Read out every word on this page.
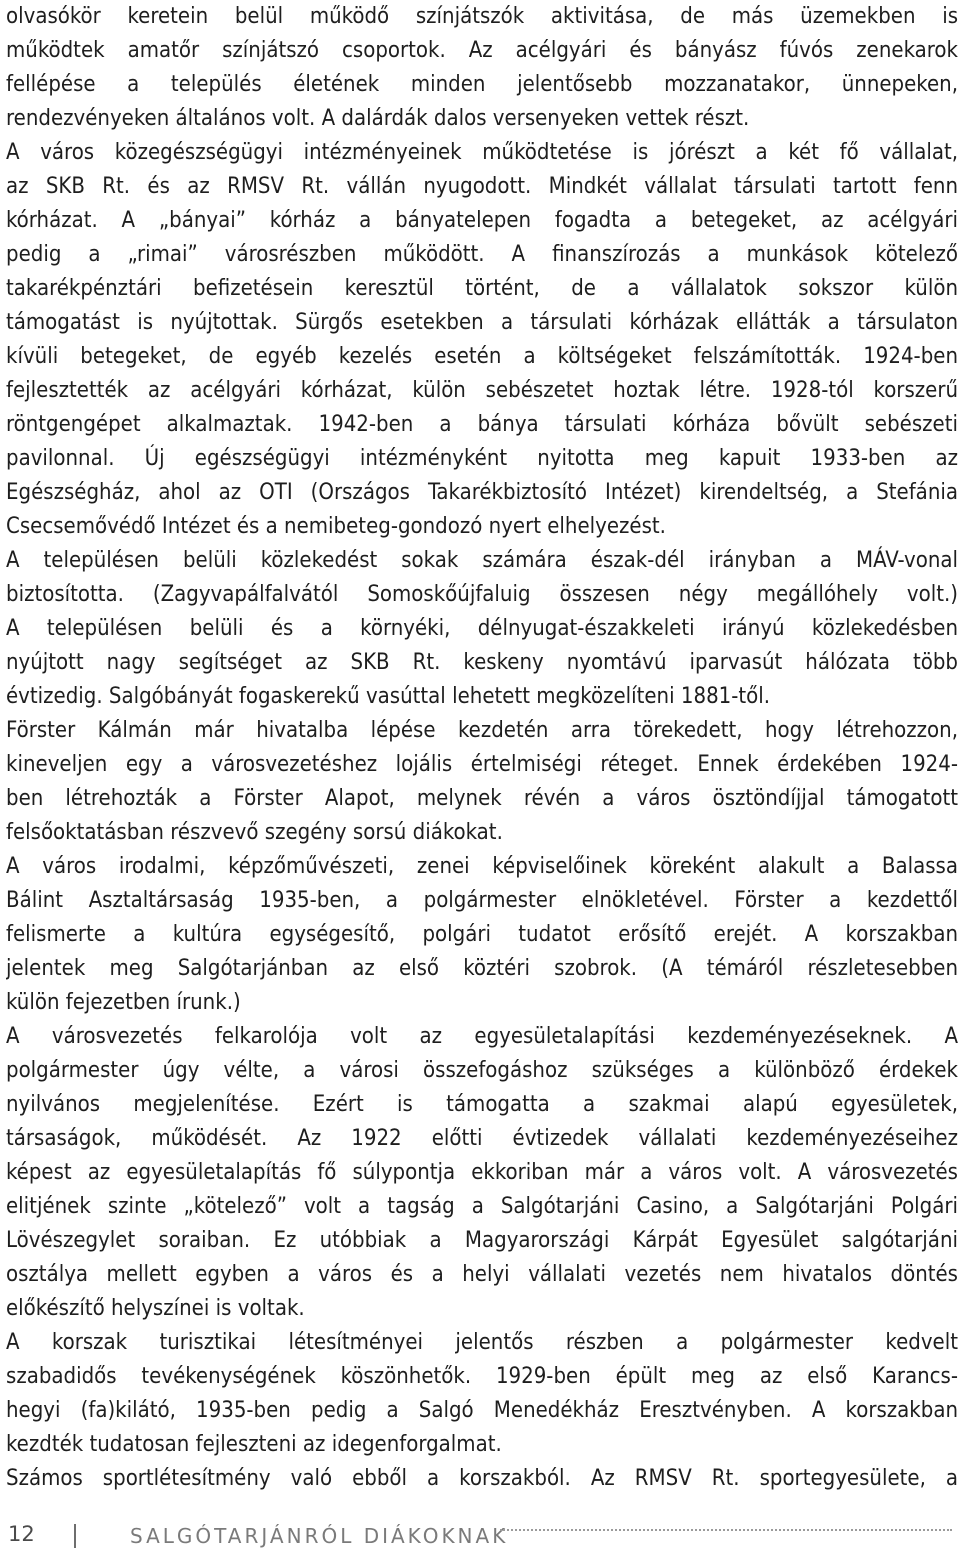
olvasókör keretein belül működő színjátszók aktivitása, de más üzemekben is
működtek amatőr színjátszó csoportok. Az acélgyári és bányász fúvós zenekarok
fellépése a település életének minden jelentősebb mozzanatakor, ünnepeken,
rendezvényeken általános volt. A dalárdák dalos versenyeken vettek részt.
A város közegészségügyi intézményeinek működtetése is jórészt a két fő vállalat,
az SKB Rt. és az RMSV Rt. vállán nyugodott. Mindkét vállalat társulati tartott fenn
kórházat. A „bányai” kórház a bányatelepen fogadta a betegeket, az acélgyári
pedig a „rimai” városrészben működött. A finanszírozás a munkások kötelező
takarékpénztári befizetésein keresztül történt, de a vállalatok sokszor külön
támogatást is nyújtottak. Sürgős esetekben a társulati kórházak ellátták a társulaton
kívüli betegeket, de egyéb kezelés esetén a költségeket felszámították. 1924-ben
fejlesztették az acélgyári kórházat, külön sebészetet hoztak létre. 1928-tól korszerű
röntgengépet alkalmaztak. 1942-ben a bánya társulati kórháza bővült sebészeti
pavilonnal. Új egészségügyi intézményként nyitotta meg kapuit 1933-ben az
Egészségház, ahol az OTI (Országos Takarékbiztosító Intézet) kirendeltség, a Stefánia
Csecsemővédő Intézet és a nemibeteg-gondozó nyert elhelyezést.
A településen belüli közlekedést sokak számára észak-dél irányban a MÁV-vonal
biztosította. (Zagyvapálfalvától Somoskőújfaluig összesen négy megállóhely volt.)
A településen belüli és a környéki, délnyugat-északkeleti irányú közlekedésben
nyújtott nagy segítséget az SKB Rt. keskeny nyomtávú iparvasút hálózata több
évtizedig. Salgóbányát fogaskerekű vasúttal lehetett megközelíteni 1881-től.
Förster Kálmán már hivatalba lépése kezdetén arra törekedett, hogy létrehozzon,
kineveljen egy a városvezetéshez lojális értelmiségi réteget. Ennek érdekében 1924-
ben létrehozták a Förster Alapot, melynek révén a város ösztöndíjjal támogatott
felsőoktatásban részvevő szegény sorsú diákokat.
A város irodalmi, képzőművészeti, zenei képviselőinek köreként alakult a Balassa
Bálint Asztaltársaság 1935-ben, a polgármester elnökletével. Förster a kezdettől
felismerte a kultúra egységesítő, polgári tudatot erősítő erejét. A korszakban
jelentek meg Salgótarjánban az első köztéri szobrok. (A témáról részletesebben
külön fejezetben írunk.)
A városvezetés felkarolója volt az egyesületalapítási kezdeményezéseknek. A
polgármester úgy vélte, a városi összefogáshoz szükséges a különböző érdekek
nyilvános megjelenítése. Ezért is támogatta a szakmai alapú egyesületek,
társaságok, működését. Az 1922 előtti évtizedek vállalati kezdeményezéseihez
képest az egyesületalapítás fő súlypontja ekkoriban már a város volt. A városvezetés
elitjének szinte „kötelező” volt a tagság a Salgótarjáni Casino, a Salgótarjáni Polgári
Lövészegylet soraiban. Ez utóbbiak a Magyarországi Kárpát Egyesület salgótarjáni
osztálya mellett egyben a város és a helyi vállalati vezetés nem hivatalos döntés
előkészítő helyszínei is voltak.
A korszak turisztikai létesítményei jelentős részben a polgármester kedvelt
szabadidős tevékenységének köszönhetők. 1929-ben épült meg az első Karancs-
hegyi (fa)kilátó, 1935-ben pedig a Salgó Menedékház Eresztvényben. A korszakban
kezdték tudatosan fejleszteni az idegenforgalmat.
Számos sportlétesítmény való ebből a korszakból. Az RMSV Rt. sportegyesülete, a
12	SALGÓTARJÁNRÓL DIÁKOKNAK
